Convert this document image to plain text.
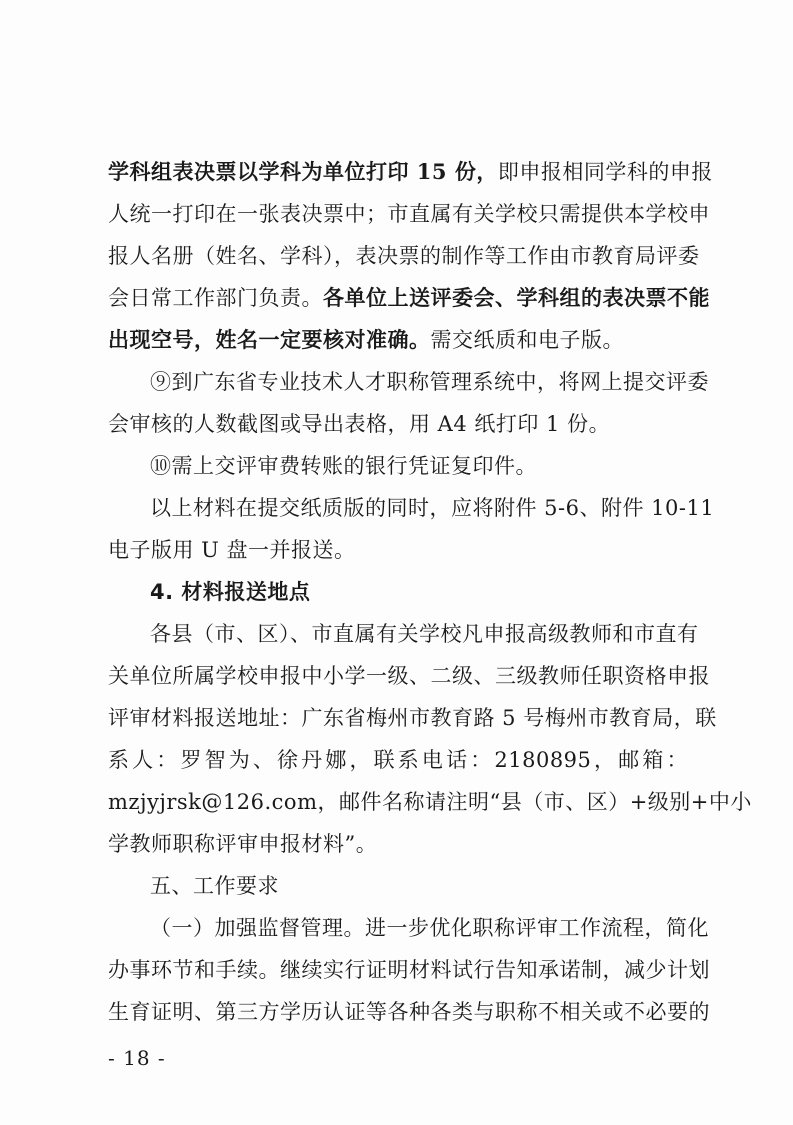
学科组表决票以学科为单位打印 15 份，即申报相同学科的申报
人统一打印在一张表决票中；市直属有关学校只需提供本学校申
报人名册（姓名、学科），表决票的制作等工作由市教育局评委
会日常工作部门负责。各单位上送评委会、学科组的表决票不能
出现空号，姓名一定要核对准确。需交纸质和电子版。
⑨到广东省专业技术人才职称管理系统中，将网上提交评委
会审核的人数截图或导出表格，用 A4 纸打印 1 份。
⑩需上交评审费转账的银行凭证复印件。
以上材料在提交纸质版的同时，应将附件 5-6、附件 10-11
电子版用 U 盘一并报送。
4. 材料报送地点
各县（市、区）、市直属有关学校凡申报高级教师和市直有
关单位所属学校申报中小学一级、二级、三级教师任职资格申报
评审材料报送地址：广东省梅州市教育路 5 号梅州市教育局，联
系人：罗智为、徐丹娜，联系电话：2180895，邮箱：
mzjyjrsk@126.com，邮件名称请注明“县（市、区）+级别+中小
学教师职称评审申报材料”。
五、工作要求
（一）加强监督管理。进一步优化职称评审工作流程，简化
办事环节和手续。继续实行证明材料试行告知承诺制，减少计划
生育证明、第三方学历认证等各种各类与职称不相关或不必要的
- 18 -
